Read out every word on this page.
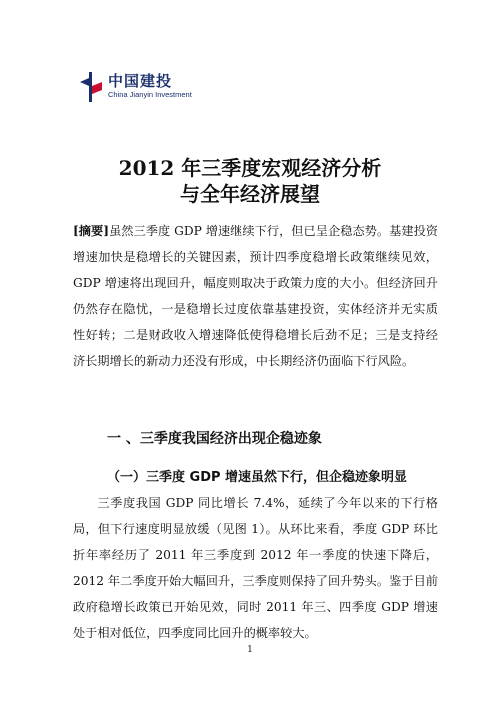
中国建投
China Jianyin Investment
2012 年三季度宏观经济分析
与全年经济展望
[摘要]虽然三季度 GDP 增速继续下行，但已呈企稳态势。基建投资增速加快是稳增长的关键因素，预计四季度稳增长政策继续见效，GDP 增速将出现回升，幅度则取决于政策力度的大小。但经济回升仍然存在隐忧，一是稳增长过度依靠基建投资，实体经济并无实质性好转；二是财政收入增速降低使得稳增长后劲不足；三是支持经济长期增长的新动力还没有形成，中长期经济仍面临下行风险。
一 、三季度我国经济出现企稳迹象
（一）三季度 GDP 增速虽然下行，但企稳迹象明显
三季度我国 GDP 同比增长 7.4%，延续了今年以来的下行格局，但下行速度明显放缓（见图 1）。从环比来看，季度 GDP 环比折年率经历了 2011 年三季度到 2012 年一季度的快速下降后，2012 年二季度开始大幅回升，三季度则保持了回升势头。鉴于目前政府稳增长政策已开始见效，同时 2011 年三、四季度 GDP 增速处于相对低位，四季度同比回升的概率较大。
1
